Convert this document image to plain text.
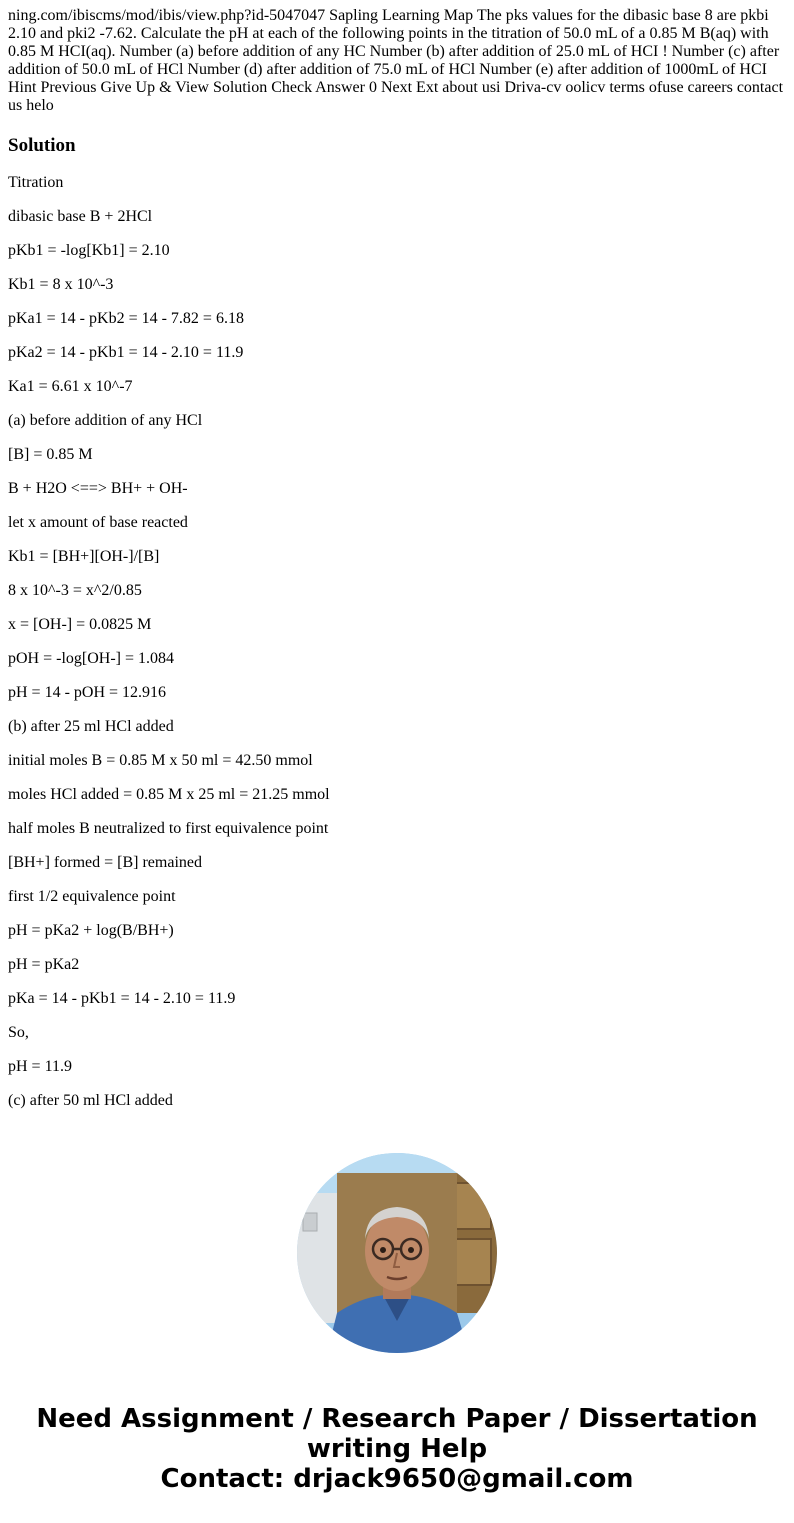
ning.com/ibiscms/mod/ibis/view.php?id-5047047 Sapling Learning Map The pks values for the dibasic base 8 are pkbi 2.10 and pki2 -7.62. Calculate the pH at each of the following points in the titration of 50.0 mL of a 0.85 M B(aq) with 0.85 M HCI(aq). Number (a) before addition of any HC Number (b) after addition of 25.0 mL of HCI ! Number (c) after addition of 50.0 mL of HCl Number (d) after addition of 75.0 mL of HCl Number (e) after addition of 1000mL of HCI Hint Previous Give Up & View Solution Check Answer 0 Next Ext about usi Driva-cv oolicv terms ofuse careers contact us helo

Solution
Titration
dibasic base B + 2HCl
pKb1 = -log[Kb1] = 2.10
Kb1 = 8 x 10^-3
pKa1 = 14 - pKb2 = 14 - 7.82 = 6.18
pKa2 = 14 - pKb1 = 14 - 2.10 = 11.9
Ka1 = 6.61 x 10^-7
(a) before addition of any HCl
[B] = 0.85 M
B + H2O <==> BH+ + OH-
let x amount of base reacted
Kb1 = [BH+][OH-]/[B]
8 x 10^-3 = x^2/0.85
x = [OH-] = 0.0825 M
pOH = -log[OH-] = 1.084
pH = 14 - pOH = 12.916
(b) after 25 ml HCl added
initial moles B = 0.85 M x 50 ml = 42.50 mmol
moles HCl added = 0.85 M x 25 ml = 21.25 mmol
half moles B neutralized to first equivalence point
[BH+] formed = [B] remained
first 1/2 equivalence point
pH = pKa2 + log(B/BH+)
pH = pKa2
pKa = 14 - pKb1 = 14 - 2.10 = 11.9
So,
pH = 11.9
(c) after 50 ml HCl added
Need Assignment / Research Paper / Dissertation
writing Help
Contact: drjack9650@gmail.com
